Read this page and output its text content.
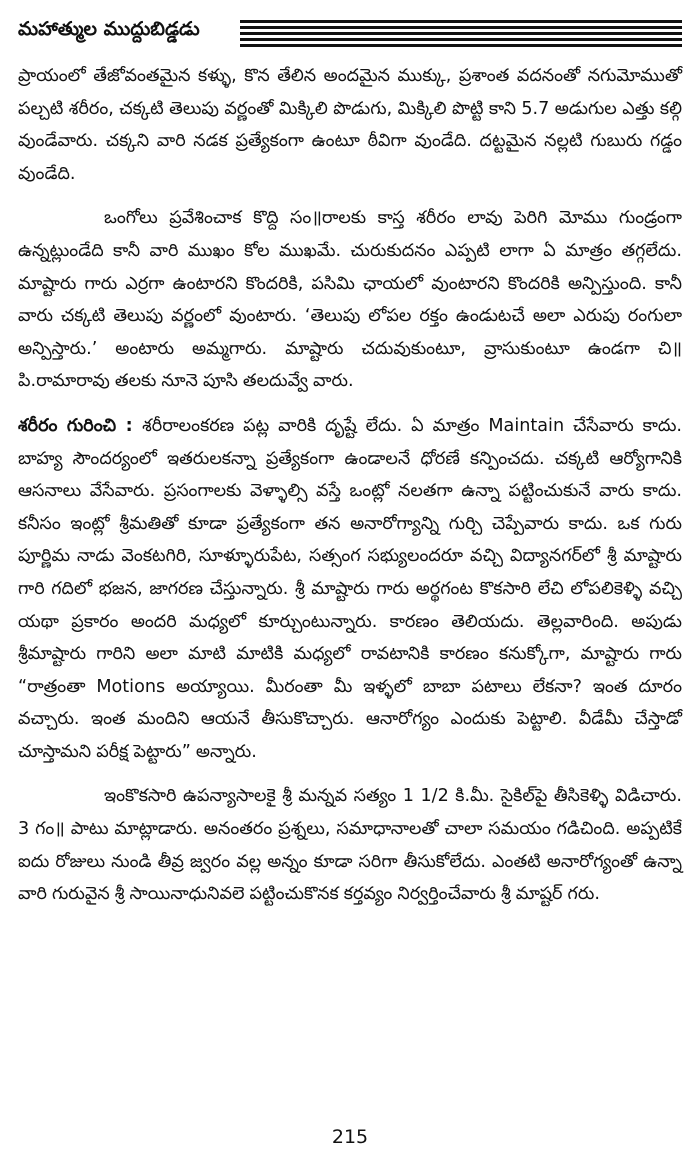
మహాత్ముల ముద్దుబిడ్డడు

ప్రాయంలో తేజోవంతమైన కళ్ళు, కొన తేలిన అందమైన ముక్కు, ప్రశాంత వదనంతో నగుమోముతో పల్చటి శరీరం, చక్కటి తెలుపు వర్ణంతో మిక్కిలి పొడుగు, మిక్కిలి పొట్టి కాని 5.7 అడుగుల ఎత్తు కల్గి వుండేవారు. చక్కని వారి నడక ప్రత్యేకంగా ఉంటూ ఠీవిగా వుండేది. దట్టమైన నల్లటి గుబురు గడ్డం వుండేది.

ఒంగోలు ప్రవేశించాక కొద్ది సం॥రాలకు కాస్త శరీరం లావు పెరిగి మోము గుండ్రంగా ఉన్నట్లుండేది కానీ వారి ముఖం కోల ముఖమే. చురుకుదనం ఎప్పటి లాగా ఏ మాత్రం తగ్గలేదు. మాష్టారు గారు ఎర్రగా ఉంటారని కొందరికి, పసిమి ఛాయలో వుంటారని కొందరికి అన్పిస్తుంది. కానీ వారు చక్కటి తెలుపు వర్ణంలో వుంటారు. ‘తెలుపు లోపల రక్తం ఉండుటచే అలా ఎరుపు రంగులా అన్పిస్తారు.’ అంటారు అమ్మగారు. మాష్టారు చదువుకుంటూ, వ్రాసుకుంటూ ఉండగా చి॥ పి.రామారావు తలకు నూనె పూసి తలదువ్వే వారు.

శరీరం గురించి : శరీరాలంకరణ పట్ల వారికి దృష్టే లేదు. ఏ మాత్రం Maintain చేసేవారు కాదు. బాహ్య సౌందర్యంలో ఇతరులకన్నా ప్రత్యేకంగా ఉండాలనే ధోరణే కన్పించదు. చక్కటి ఆర్యోగానికి ఆసనాలు వేసేవారు. ప్రసంగాలకు వెళ్ళాల్సి వస్తే ఒంట్లో నలతగా ఉన్నా పట్టించుకునే వారు కాదు. కనీసం ఇంట్లో శ్రీమతితో కూడా ప్రత్యేకంగా తన అనారోగ్యాన్ని గుర్చి చెప్పేవారు కాదు. ఒక గురు పూర్ణిమ నాడు వెంకటగిరి, సూళ్ళూరుపేట, సత్సంగ సభ్యులందరూ వచ్చి విద్యానగర్‌లో శ్రీ మాష్టారు గారి గదిలో భజన, జాగరణ చేస్తున్నారు. శ్రీ మాష్టారు గారు అర్థగంట కొకసారి లేచి లోపలికెళ్ళి వచ్చి యథా ప్రకారం అందరి మధ్యలో కూర్చుంటున్నారు. కారణం తెలియదు. తెల్లవారింది. అపుడు శ్రీమాష్టారు గారిని అలా మాటి మాటికి మధ్యలో రావటానికి కారణం కనుక్కోగా, మాష్టారు గారు “రాత్రంతా Motions అయ్యాయి. మీరంతా మీ ఇళ్ళలో బాబా పటాలు లేకనా? ఇంత దూరం వచ్చారు. ఇంత మందిని ఆయనే తీసుకొచ్చారు. ఆనారోగ్యం ఎందుకు పెట్టాలి. వీడేమీ చేస్తాడో చూస్తామని పరీక్ష పెట్టారు” అన్నారు.

ఇంకొకసారి ఉపన్యాసాలకై శ్రీ మన్నవ సత్యం 1 1/2 కి.మీ. సైకిల్‌పై తీసికెళ్ళి విడిచారు. 3 గం॥ పాటు మాట్లాడారు. అనంతరం ప్రశ్నలు, సమాధానాలతో చాలా సమయం గడిచింది. అప్పటికే ఐదు రోజులు నుండి తీవ్ర జ్వరం వల్ల అన్నం కూడా సరిగా తీసుకోలేదు. ఎంతటి అనారోగ్యంతో ఉన్నా వారి గురువైన శ్రీ సాయినాధునివలె పట్టించుకొనక కర్తవ్యం నిర్వర్తించేవారు శ్రీ మాష్టర్ గరు.

215
